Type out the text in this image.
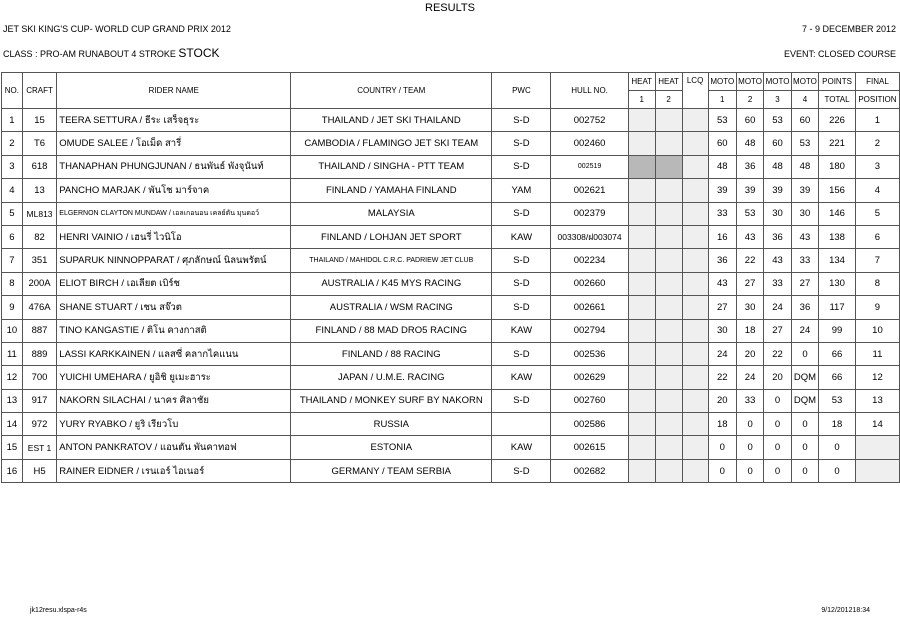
RESULTS
JET SKI KING'S CUP- WORLD CUP GRAND PRIX 2012	7 - 9 DECEMBER 2012
CLASS : PRO-AM RUNABOUT 4 STROKE STOCK	EVENT: CLOSED COURSE
NO.	CRAFT	RIDER NAME	COUNTRY / TEAM	PWC	HULL NO.	HEAT	HEAT	LCQ	MOTO	MOTO	MOTO	MOTO	POINTS	FINAL
						1	2		1	2	3	4	TOTAL	POSITION
1	15	TEERA SETTURA / ธีระ เสร็จธุระ	THAILAND / JET SKI THAILAND	S-D	002752				53	60	53	60	226	1
2	T6	OMUDE SALEE / โอเม็ด สารี่	CAMBODIA / FLAMINGO JET SKI TEAM	S-D	002460				60	48	60	53	221	2
3	618	THANAPHAN PHUNGJUNAN / ธนพันธ์ พังจุนันท์	THAILAND / SINGHA - PTT TEAM	S-D	002519				48	36	48	48	180	3
4	13	PANCHO MARJAK / พันโช มาร์จาค	FINLAND / YAMAHA FINLAND	YAM	002621				39	39	39	39	156	4
5	ML813	ELGERNON CLAYTON MUNDAW / เอลเกอนอน เคลย์ตัน มุนดอว์	MALAYSIA	S-D	002379				33	53	30	30	146	5
6	82	HENRI VAINIO / เฮนรี่ ไวนิโอ	FINLAND / LOHJAN JET SPORT	KAW	003308/ฝ003074				16	43	36	43	138	6
7	351	SUPARUK NINNOPPARAT / ศุภลักษณ์ นิลนพรัตน์	THAILAND / MAHIDOL C.R.C. PADRIEW JET CLUB	S-D	002234				36	22	43	33	134	7
8	200A	ELIOT BIRCH / เอเลียต เบิร์ช	AUSTRALIA / K45 MYS RACING	S-D	002660				43	27	33	27	130	8
9	476A	SHANE STUART / เชน สจ๊วต	AUSTRALIA / WSM RACING	S-D	002661				27	30	24	36	117	9
10	887	TINO KANGASTIE / ติโน คางกาสติ	FINLAND / 88 MAD DRO5 RACING	KAW	002794				30	18	27	24	99	10
11	889	LASSI KARKKAINEN / แลสซี่ คลากไคแนน	FINLAND / 88 RACING	S-D	002536				24	20	22	0	66	11
12	700	YUICHI UMEHARA / ยูอิชิ ยูเมะฮาระ	JAPAN / U.M.E. RACING	KAW	002629				22	24	20	DQM	66	12
13	917	NAKORN SILACHAI / นาคร ศิลาชัย	THAILAND / MONKEY SURF BY NAKORN	S-D	002760				20	33	0	DQM	53	13
14	972	YURY RYABKO / ยูริ เรียวโบ	RUSSIA		002586				18	0	0	0	18	14
15	EST 1	ANTON PANKRATOV / แอนตัน พันคาทอฟ	ESTONIA	KAW	002615				0	0	0	0	0	
16	H5	RAINER EIDNER / เรนเอร์ ไอเนอร์	GERMANY / TEAM SERBIA	S-D	002682				0	0	0	0	0	
jk12resu.xlspa-r4s	9/12/201218:34
